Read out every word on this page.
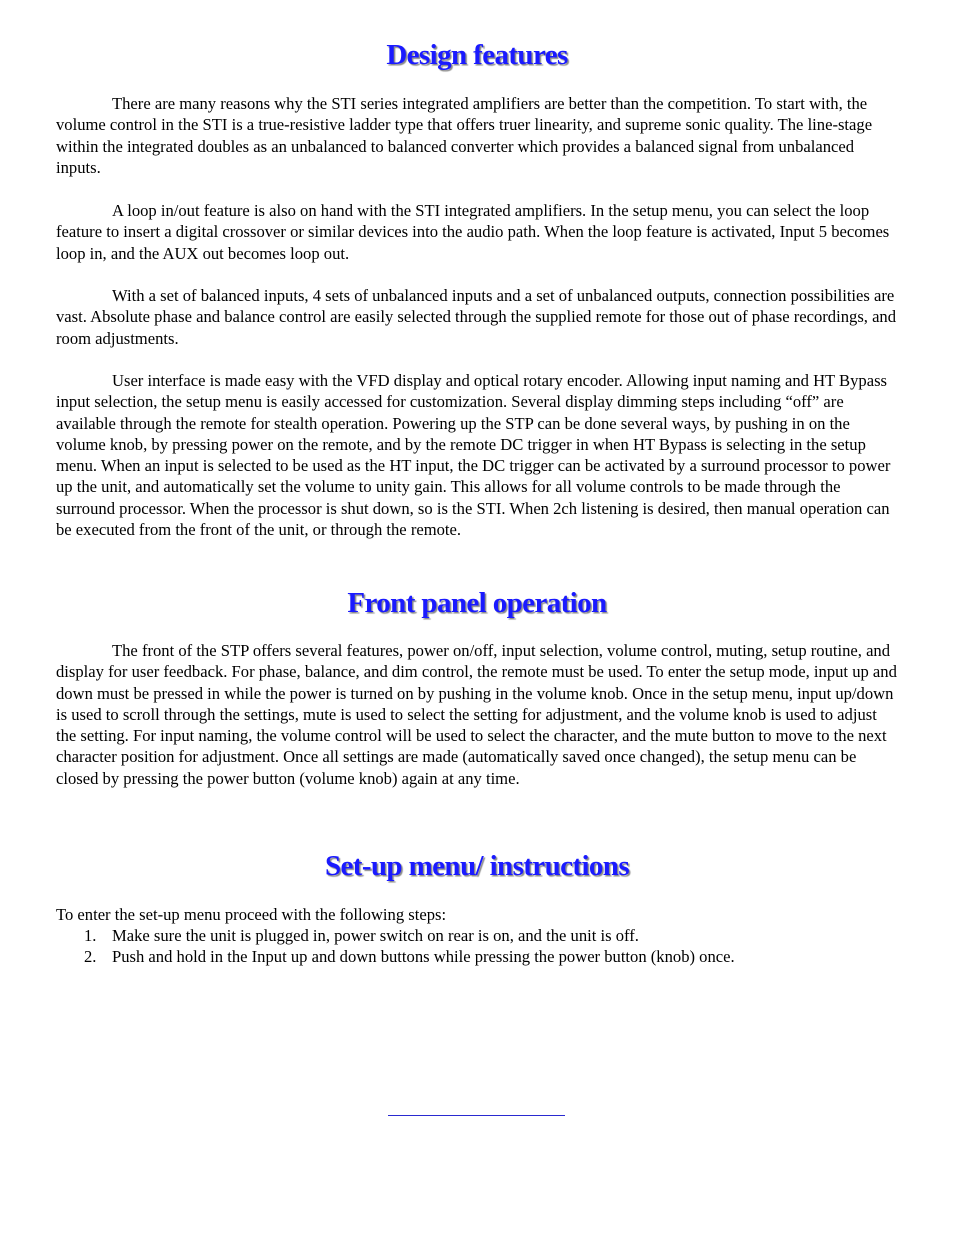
Design features

There are many reasons why the STI series integrated amplifiers are better than the competition. To start with, the volume control in the STI is a true-resistive ladder type that offers truer linearity, and supreme sonic quality. The line-stage within the integrated doubles as an unbalanced to balanced converter which provides a balanced signal from unbalanced inputs.

A loop in/out feature is also on hand with the STI integrated amplifiers. In the setup menu, you can select the loop feature to insert a digital crossover or similar devices into the audio path. When the loop feature is activated, Input 5 becomes loop in, and the AUX out becomes loop out.

With a set of balanced inputs, 4 sets of unbalanced inputs and a set of unbalanced outputs, connection possibilities are vast. Absolute phase and balance control are easily selected through the supplied remote for those out of phase recordings, and room adjustments.

User interface is made easy with the VFD display and optical rotary encoder. Allowing input naming and HT Bypass input selection, the setup menu is easily accessed for customization. Several display dimming steps including “off” are available through the remote for stealth operation. Powering up the STP can be done several ways, by pushing in on the volume knob, by pressing power on the remote, and by the remote DC trigger in when HT Bypass is selecting in the setup menu. When an input is selected to be used as the HT input, the DC trigger can be activated by a surround processor to power up the unit, and automatically set the volume to unity gain. This allows for all volume controls to be made through the surround processor. When the processor is shut down, so is the STI. When 2ch listening is desired, then manual operation can be executed from the front of the unit, or through the remote.

Front panel operation

The front of the STP offers several features, power on/off, input selection, volume control, muting, setup routine, and display for user feedback. For phase, balance, and dim control, the remote must be used. To enter the setup mode, input up and down must be pressed in while the power is turned on by pushing in the volume knob. Once in the setup menu, input up/down is used to scroll through the settings, mute is used to select the setting for adjustment, and the volume knob is used to adjust the setting. For input naming, the volume control will be used to select the character, and the mute button to move to the next character position for adjustment. Once all settings are made (automatically saved once changed), the setup menu can be closed by pressing the power button (volume knob) again at any time.

Set-up menu/ instructions

To enter the set-up menu proceed with the following steps:

1. Make sure the unit is plugged in, power switch on rear is on, and the unit is off.
2. Push and hold in the Input up and down buttons while pressing the power button (knob) once.
